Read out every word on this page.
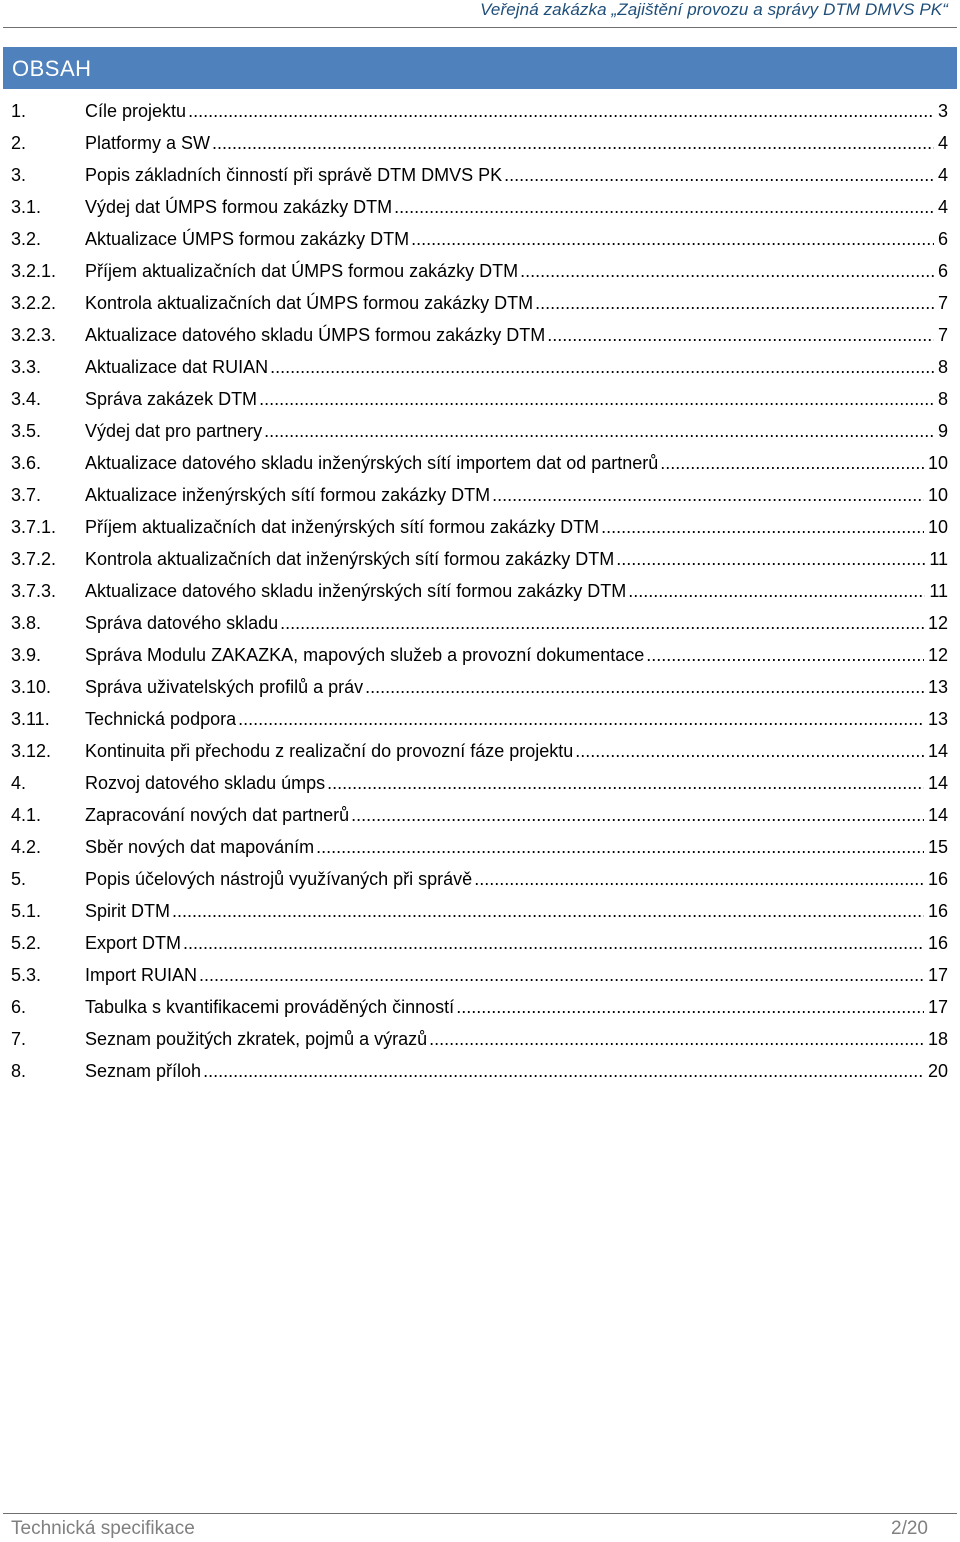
Veřejná zakázka „Zajištění provozu a správy DTM DMVS PK“
OBSAH
1.	Cíle projektu .....	3
2.	Platformy a SW .....	4
3.	Popis základních činností při správě DTM DMVS PK .....	4
3.1.	Výdej dat ÚMPS formou zakázky DTM .....	4
3.2.	Aktualizace ÚMPS formou zakázky DTM .....	6
3.2.1.	Příjem aktualizačních dat ÚMPS formou zakázky DTM .....	6
3.2.2.	Kontrola aktualizačních dat ÚMPS formou zakázky DTM .....	7
3.2.3.	Aktualizace datového skladu ÚMPS formou zakázky DTM .....	7
3.3.	Aktualizace dat RUIAN .....	8
3.4.	Správa zakázek DTM .....	8
3.5.	Výdej dat pro partnery .....	9
3.6.	Aktualizace datového skladu inženýrských sítí importem dat od partnerů .....	10
3.7.	Aktualizace inženýrských sítí formou zakázky DTM .....	10
3.7.1.	Příjem aktualizačních dat inženýrských sítí formou zakázky DTM .....	10
3.7.2.	Kontrola aktualizačních dat inženýrských sítí formou zakázky DTM .....	11
3.7.3.	Aktualizace datového skladu inženýrských sítí formou zakázky DTM .....	11
3.8.	Správa datového skladu .....	12
3.9.	Správa Modulu ZAKAZKA, mapových služeb a provozní dokumentace .....	12
3.10.	Správa uživatelských profilů a práv .....	13
3.11.	Technická podpora .....	13
3.12.	Kontinuita při přechodu z realizační do provozní fáze projektu .....	14
4.	Rozvoj datového skladu úmps .....	14
4.1.	Zapracování nových dat partnerů .....	14
4.2.	Sběr nových dat mapováním .....	15
5.	Popis účelových nástrojů využívaných při správě .....	16
5.1.	Spirit DTM .....	16
5.2.	Export DTM .....	16
5.3.	Import RUIAN .....	17
6.	Tabulka s kvantifikacemi prováděných činností .....	17
7.	Seznam použitých zkratek, pojmů a výrazů .....	18
8.	Seznam příloh .....	20
Technická specifikace	2/20
